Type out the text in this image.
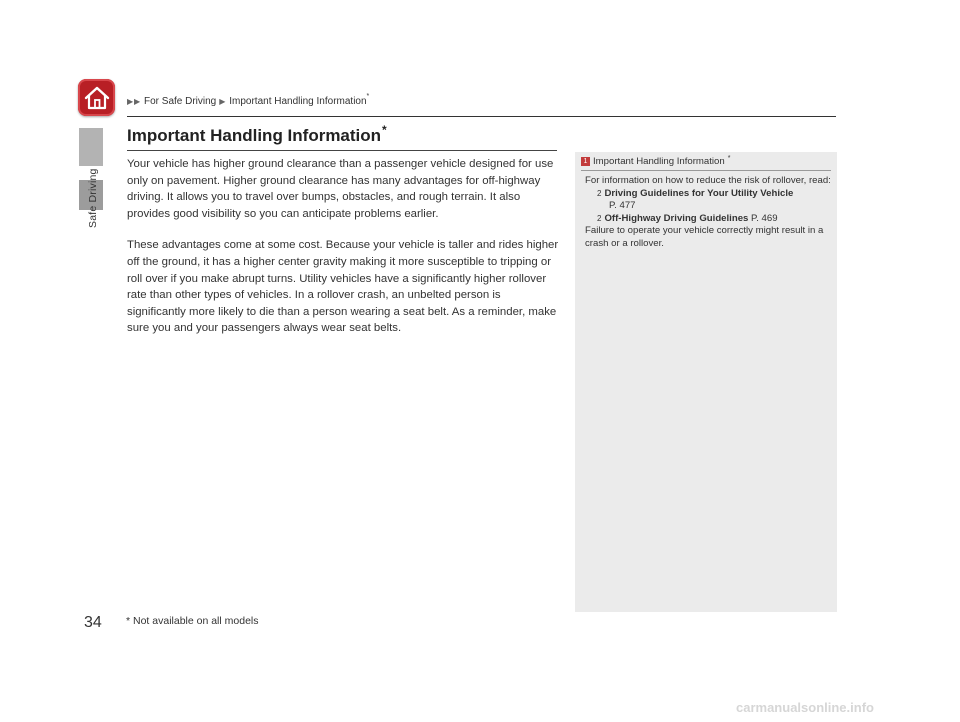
Safe Driving
▶ ▶ For Safe Driving ▶ Important Handling Information*
Important Handling Information*

Your vehicle has higher ground clearance than a passenger vehicle designed for use only on pavement. Higher ground clearance has many advantages for off-highway driving. It allows you to travel over bumps, obstacles, and rough terrain. It also provides good visibility so you can anticipate problems earlier.

These advantages come at some cost. Because your vehicle is taller and rides higher off the ground, it has a higher center gravity making it more susceptible to tripping or roll over if you make abrupt turns. Utility vehicles have a significantly higher rollover rate than other types of vehicles. In a rollover crash, an unbelted person is significantly more likely to die than a person wearing a seat belt. As a reminder, make sure you and your passengers always wear seat belts.

1 Important Handling Information *

For information on how to reduce the risk of rollover, read:

2 Driving Guidelines for Your Utility Vehicle
P. 477

2 Off-Highway Driving Guidelines P. 469

Failure to operate your vehicle correctly might result in a crash or a rollover.

34 * Not available on all models
carmanualsonline.info
